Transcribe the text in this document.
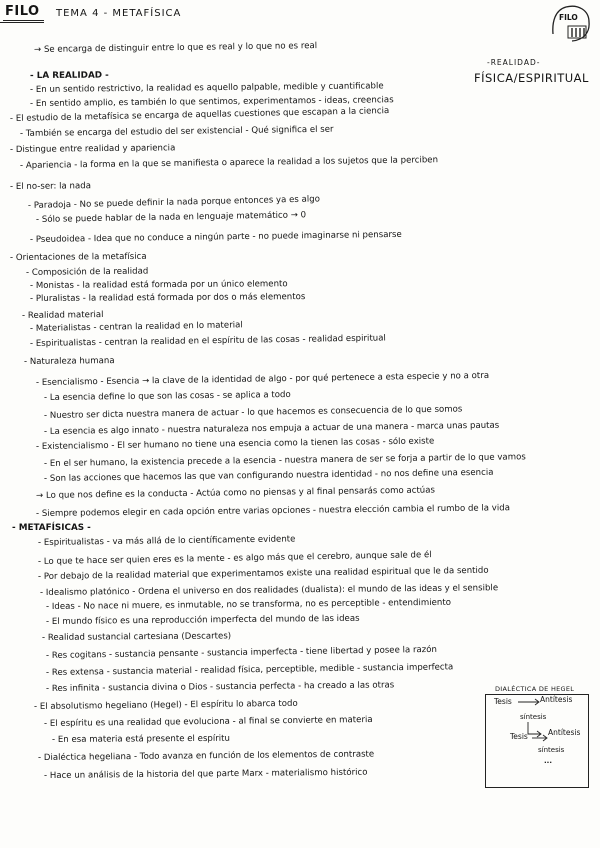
FILO	TEMA 4 - METAFÍSICA	FILO
-REALIDAD-
FÍSICA/ESPIRITUAL
→ Se encarga de distinguir entre lo que es real y lo que no es real
- LA REALIDAD -
- En un sentido restrictivo, la realidad es aquello palpable, medible y cuantificable
- En sentido amplio, es también lo que sentimos, experimentamos - ideas, creencias
- El estudio de la metafísica se encarga de aquellas cuestiones que escapan a la ciencia
- También se encarga del estudio del ser existencial - Qué significa el ser
- Distingue entre realidad y apariencia
- Apariencia - la forma en la que se manifiesta o aparece la realidad a los sujetos que la perciben
- El no-ser: la nada
- Paradoja - No se puede definir la nada porque entonces ya es algo
- Sólo se puede hablar de la nada en lenguaje matemático → 0
- Pseudoidea - Idea que no conduce a ningún parte - no puede imaginarse ni pensarse
- Orientaciones de la metafísica
- Composición de la realidad
- Monistas - la realidad está formada por un único elemento
- Pluralistas - la realidad está formada por dos o más elementos
- Realidad material
- Materialistas - centran la realidad en lo material
- Espiritualistas - centran la realidad en el espíritu de las cosas - realidad espiritual
- Naturaleza humana
- Esencialismo - Esencia → la clave de la identidad de algo - por qué pertenece a esta especie y no a otra
- La esencia define lo que son las cosas - se aplica a todo
- Nuestro ser dicta nuestra manera de actuar - lo que hacemos es consecuencia de lo que somos
- La esencia es algo innato - nuestra naturaleza nos empuja a actuar de una manera - marca unas pautas
- Existencialismo - El ser humano no tiene una esencia como la tienen las cosas - sólo existe
- En el ser humano, la existencia precede a la esencia - nuestra manera de ser se forja a partir de lo que vamos
- Son las acciones que hacemos las que van configurando nuestra identidad - no nos define una esencia
→ Lo que nos define es la conducta - Actúa como no piensas y al final pensarás como actúas
- Siempre podemos elegir en cada opción entre varias opciones - nuestra elección cambia el rumbo de la vida
- METAFÍSICAS -
- Espiritualistas - va más allá de lo científicamente evidente
- Lo que te hace ser quien eres es la mente - es algo más que el cerebro, aunque sale de él
- Por debajo de la realidad material que experimentamos existe una realidad espiritual que le da sentido
- Idealismo platónico - Ordena el universo en dos realidades (dualista): el mundo de las ideas y el sensible
- Ideas - No nace ni muere, es inmutable, no se transforma, no es perceptible - entendimiento
- El mundo físico es una reproducción imperfecta del mundo de las ideas
- Realidad sustancial cartesiana (Descartes)
- Res cogitans - sustancia pensante - sustancia imperfecta - tiene libertad y posee la razón
- Res extensa - sustancia material - realidad física, perceptible, medible - sustancia imperfecta
- Res infinita - sustancia divina o Dios - sustancia perfecta - ha creado a las otras
- El absolutismo hegeliano (Hegel) - El espíritu lo abarca todo
- El espíritu es una realidad que evoluciona - al final se convierte en materia
- En esa materia está presente el espíritu
- Dialéctica hegeliana - Todo avanza en función de los elementos de contraste
- Hace un análisis de la historia del que parte Marx - materialismo histórico
DIALÉCTICA DE HEGEL
Tesis	Antítesis
síntesis
Tesis	Antítesis
síntesis
...
